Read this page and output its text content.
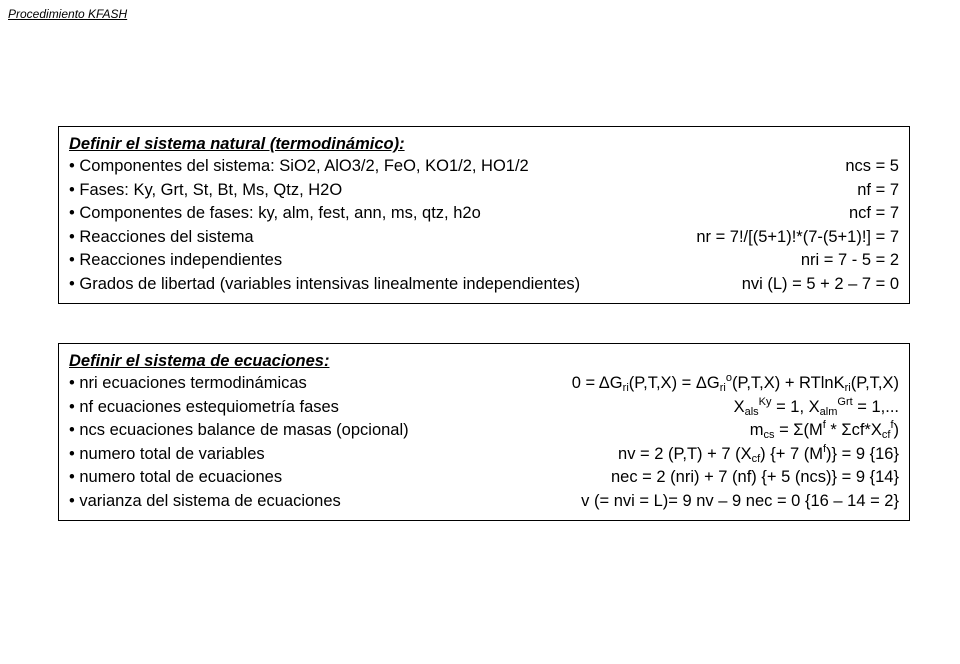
Procedimiento KFASH
Definir el sistema natural (termodinámico):
• Componentes del sistema: SiO2, AlO3/2, FeO, KO1/2, HO1/2	ncs = 5
• Fases: Ky, Grt, St, Bt, Ms, Qtz, H2O	nf = 7
• Componentes de fases: ky, alm, fest, ann, ms, qtz, h2o	ncf = 7
• Reacciones del sistema	nr = 7!/[(5+1)!*(7-(5+1)!] = 7
• Reacciones independientes	nri = 7 - 5 = 2
• Grados de libertad (variables intensivas linealmente independientes)	nvi (L) = 5 + 2 – 7 = 0
Definir el sistema de ecuaciones:
• nri ecuaciones termodinámicas	$0 = \Delta G_{ri}(P,T,X) = \Delta G_{ri}^o(P,T,X) + RTlnK_{ri}(P,T,X)$
• nf ecuaciones estequiometría fases	$X_{als}^{Ky} = 1$, $X_{alm}^{Grt} = 1$,...
• ncs ecuaciones balance de masas (opcional)	$m_{cs} = \Sigma(M^f * \Sigma cf*X_{cf}^f)$
• numero total de variables	nv = 2 (P,T) + 7 $(X_{cf})$ {+ 7 $(M^f)\} = 9$ {16}
• numero total de ecuaciones	nec = 2 (nri) + 7 (nf) {+ 5 (ncs)} = 9 {14}
• varianza del sistema de ecuaciones	v (= nvi = L)= 9 nv – 9 nec = 0 {16 – 14 = 2}
